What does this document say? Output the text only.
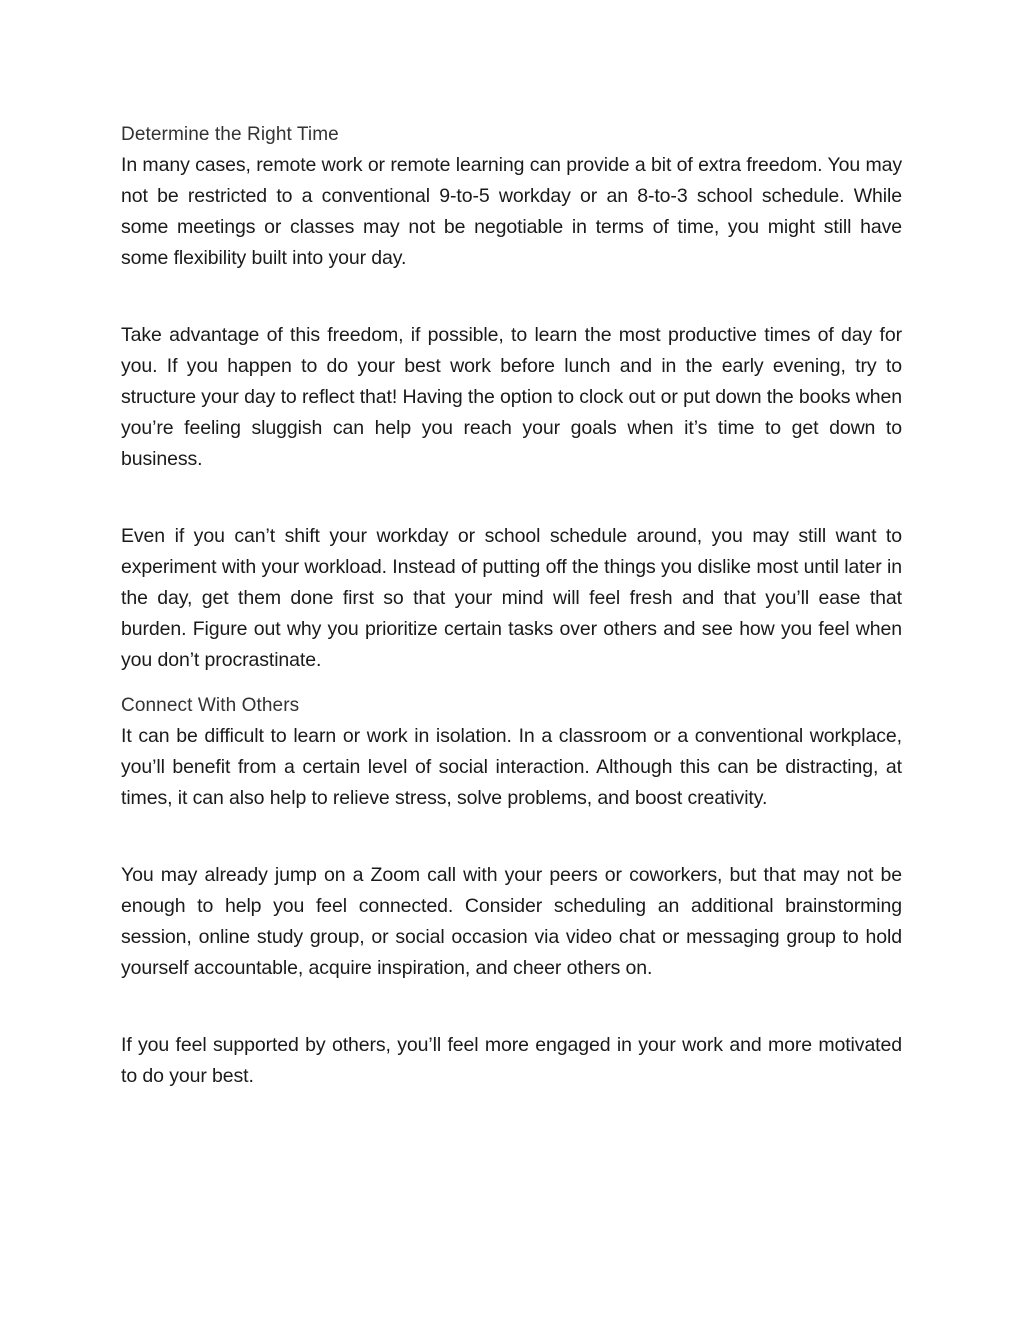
Determine the Right Time

In many cases, remote work or remote learning can provide a bit of extra freedom. You may not be restricted to a conventional 9-to-5 workday or an 8-to-3 school schedule. While some meetings or classes may not be negotiable in terms of time, you might still have some flexibility built into your day.

Take advantage of this freedom, if possible, to learn the most productive times of day for you. If you happen to do your best work before lunch and in the early evening, try to structure your day to reflect that! Having the option to clock out or put down the books when you’re feeling sluggish can help you reach your goals when it’s time to get down to business.

Even if you can’t shift your workday or school schedule around, you may still want to experiment with your workload. Instead of putting off the things you dislike most until later in the day, get them done first so that your mind will feel fresh and that you’ll ease that burden. Figure out why you prioritize certain tasks over others and see how you feel when you don’t procrastinate.

Connect With Others

It can be difficult to learn or work in isolation. In a classroom or a conventional workplace, you’ll benefit from a certain level of social interaction. Although this can be distracting, at times, it can also help to relieve stress, solve problems, and boost creativity.

You may already jump on a Zoom call with your peers or coworkers, but that may not be enough to help you feel connected. Consider scheduling an additional brainstorming session, online study group, or social occasion via video chat or messaging group to hold yourself accountable, acquire inspiration, and cheer others on.

If you feel supported by others, you’ll feel more engaged in your work and more motivated to do your best.
